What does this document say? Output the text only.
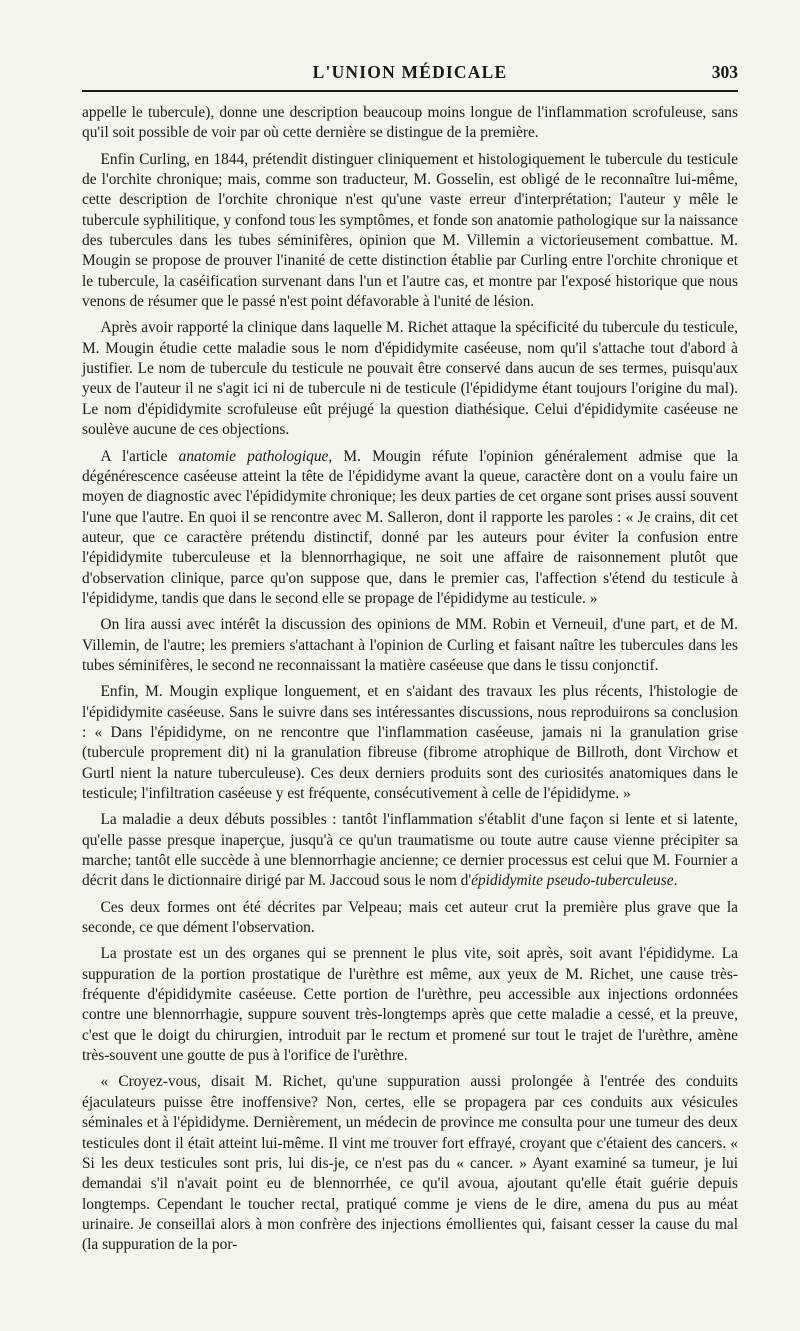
L'UNION MÉDICALE	303

appelle le tubercule), donne une description beaucoup moins longue de l'inflammation scrofuleuse, sans qu'il soit possible de voir par où cette dernière se distingue de la première.

Enfin Curling, en 1844, prétendit distinguer cliniquement et histologiquement le tubercule du testicule de l'orchite chronique; mais, comme son traducteur, M. Gosselin, est obligé de le reconnaître lui-même, cette description de l'orchite chronique n'est qu'une vaste erreur d'interprétation; l'auteur y mêle le tubercule syphilitique, y confond tous les symptômes, et fonde son anatomie pathologique sur la naissance des tubercules dans les tubes séminifères, opinion que M. Villemin a victorieusement combattue. M. Mougin se propose de prouver l'inanité de cette distinction établie par Curling entre l'orchite chronique et le tubercule, la caséification survenant dans l'un et l'autre cas, et montre par l'exposé historique que nous venons de résumer que le passé n'est point défavorable à l'unité de lésion.

Après avoir rapporté la clinique dans laquelle M. Richet attaque la spécificité du tubercule du testicule, M. Mougin étudie cette maladie sous le nom d'épididymite caséeuse, nom qu'il s'attache tout d'abord à justifier. Le nom de tubercule du testicule ne pouvait être conservé dans aucun de ses termes, puisqu'aux yeux de l'auteur il ne s'agit ici ni de tubercule ni de testicule (l'épididyme étant toujours l'origine du mal). Le nom d'épididymite scrofuleuse eût préjugé la question diathésique. Celui d'épididymite caséeuse ne soulève aucune de ces objections.

A l'article anatomie pathologique, M. Mougin réfute l'opinion généralement admise que la dégénérescence caséeuse atteint la tête de l'épididyme avant la queue, caractère dont on a voulu faire un moyen de diagnostic avec l'épididymite chronique; les deux parties de cet organe sont prises aussi souvent l'une que l'autre. En quoi il se rencontre avec M. Salleron, dont il rapporte les paroles : « Je crains, dit cet auteur, que ce caractère prétendu distinctif, donné par les auteurs pour éviter la confusion entre l'épididymite tuberculeuse et la blennorrhagique, ne soit une affaire de raisonnement plutôt que d'observation clinique, parce qu'on suppose que, dans le premier cas, l'affection s'étend du testicule à l'épididyme, tandis que dans le second elle se propage de l'épididyme au testicule. »

On lira aussi avec intérêt la discussion des opinions de MM. Robin et Verneuil, d'une part, et de M. Villemin, de l'autre; les premiers s'attachant à l'opinion de Curling et faisant naître les tubercules dans les tubes séminifères, le second ne reconnaissant la matière caséeuse que dans le tissu conjonctif.

Enfin, M. Mougin explique longuement, et en s'aidant des travaux les plus récents, l'histologie de l'épididymite caséeuse. Sans le suivre dans ses intéressantes discussions, nous reproduirons sa conclusion : « Dans l'épididyme, on ne rencontre que l'inflammation caséeuse, jamais ni la granulation grise (tubercule proprement dit) ni la granulation fibreuse (fibrome atrophique de Billroth, dont Virchow et Gurtl nient la nature tuberculeuse). Ces deux derniers produits sont des curiosités anatomiques dans le testicule; l'infiltration caséeuse y est fréquente, consécutivement à celle de l'épididyme. »

La maladie a deux débuts possibles : tantôt l'inflammation s'établit d'une façon si lente et si latente, qu'elle passe presque inaperçue, jusqu'à ce qu'un traumatisme ou toute autre cause vienne précipiter sa marche; tantôt elle succède à une blennorrhagie ancienne; ce dernier processus est celui que M. Fournier a décrit dans le dictionnaire dirigé par M. Jaccoud sous le nom d'épididymite pseudo-tuberculeuse.

Ces deux formes ont été décrites par Velpeau; mais cet auteur crut la première plus grave que la seconde, ce que dément l'observation.

La prostate est un des organes qui se prennent le plus vite, soit après, soit avant l'épididyme. La suppuration de la portion prostatique de l'urèthre est même, aux yeux de M. Richet, une cause très-fréquente d'épididymite caséeuse. Cette portion de l'urèthre, peu accessible aux injections ordonnées contre une blennorrhagie, suppure souvent très-longtemps après que cette maladie a cessé, et la preuve, c'est que le doigt du chirurgien, introduit par le rectum et promené sur tout le trajet de l'urèthre, amène très-souvent une goutte de pus à l'orifice de l'urèthre.

« Croyez-vous, disait M. Richet, qu'une suppuration aussi prolongée à l'entrée des conduits éjaculateurs puisse être inoffensive? Non, certes, elle se propagera par ces conduits aux vésicules séminales et à l'épididyme. Dernièrement, un médecin de province me consulta pour une tumeur des deux testicules dont il était atteint lui-même. Il vint me trouver fort effrayé, croyant que c'étaient des cancers. « Si les deux testicules sont pris, lui dis-je, ce n'est pas du « cancer. » Ayant examiné sa tumeur, je lui demandai s'il n'avait point eu de blennorrhée, ce qu'il avoua, ajoutant qu'elle était guérie depuis longtemps. Cependant le toucher rectal, pratiqué comme je viens de le dire, amena du pus au méat urinaire. Je conseillai alors à mon confrère des injections émollientes qui, faisant cesser la cause du mal (la suppuration de la por-
